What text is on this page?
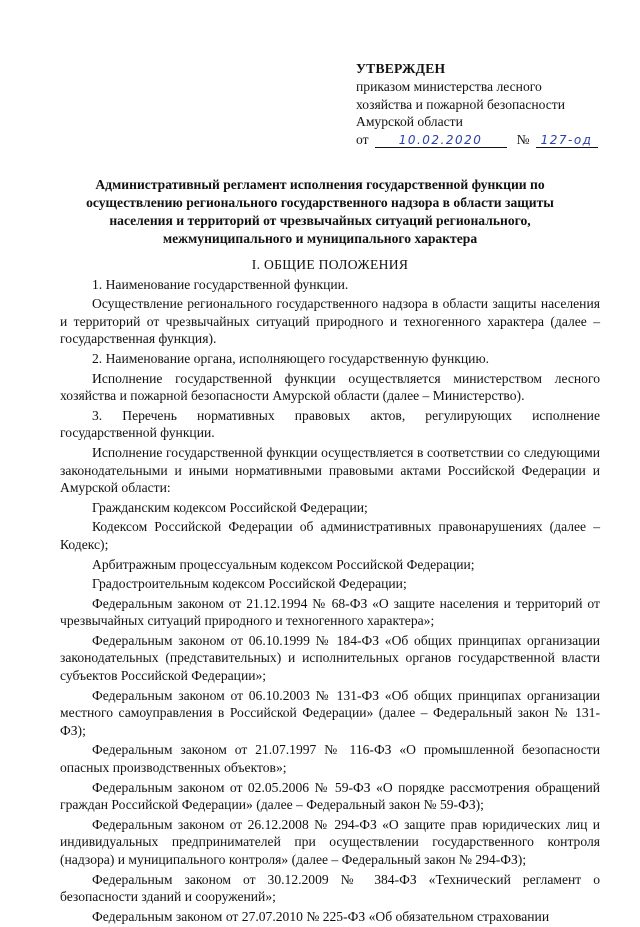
УТВЕРЖДЕН
приказом министерства лесного
хозяйства и пожарной безопасности
Амурской области
от	10.02.2020	№ 127-од
Административный регламент исполнения государственной функции по осуществлению регионального государственного надзора в области защиты населения и территорий от чрезвычайных ситуаций регионального, межмуниципального и муниципального характера
I. ОБЩИЕ ПОЛОЖЕНИЯ
1. Наименование государственной функции.
Осуществление регионального государственного надзора в области защиты населения и территорий от чрезвычайных ситуаций природного и техногенного характера (далее – государственная функция).
2. Наименование органа, исполняющего государственную функцию.
Исполнение государственной функции осуществляется министерством лесного хозяйства и пожарной безопасности Амурской области (далее – Министерство).
3. Перечень нормативных правовых актов, регулирующих исполнение государственной функции.
Исполнение государственной функции осуществляется в соответствии со следующими законодательными и иными нормативными правовыми актами Российской Федерации и Амурской области:
Гражданским кодексом Российской Федерации;
Кодексом Российской Федерации об административных правонарушениях (далее – Кодекс);
Арбитражным процессуальным кодексом Российской Федерации;
Градостроительным кодексом Российской Федерации;
Федеральным законом от 21.12.1994 № 68-ФЗ «О защите населения и территорий от чрезвычайных ситуаций природного и техногенного характера»;
Федеральным законом от 06.10.1999 № 184-ФЗ «Об общих принципах организации законодательных (представительных) и исполнительных органов государственной власти субъектов Российской Федерации»;
Федеральным законом от 06.10.2003 № 131-ФЗ «Об общих принципах организации местного самоуправления в Российской Федерации» (далее – Федеральный закон № 131-ФЗ);
Федеральным законом от 21.07.1997 № 116-ФЗ «О промышленной безопасности опасных производственных объектов»;
Федеральным законом от 02.05.2006 № 59-ФЗ «О порядке рассмотрения обращений граждан Российской Федерации» (далее – Федеральный закон № 59-ФЗ);
Федеральным законом от 26.12.2008 № 294-ФЗ «О защите прав юридических лиц и индивидуальных предпринимателей при осуществлении государственного контроля (надзора) и муниципального контроля» (далее – Федеральный закон № 294-ФЗ);
Федеральным законом от 30.12.2009 № 384-ФЗ «Технический регламент о безопасности зданий и сооружений»;
Федеральным законом от 27.07.2010 № 225-ФЗ «Об обязательном страховании
